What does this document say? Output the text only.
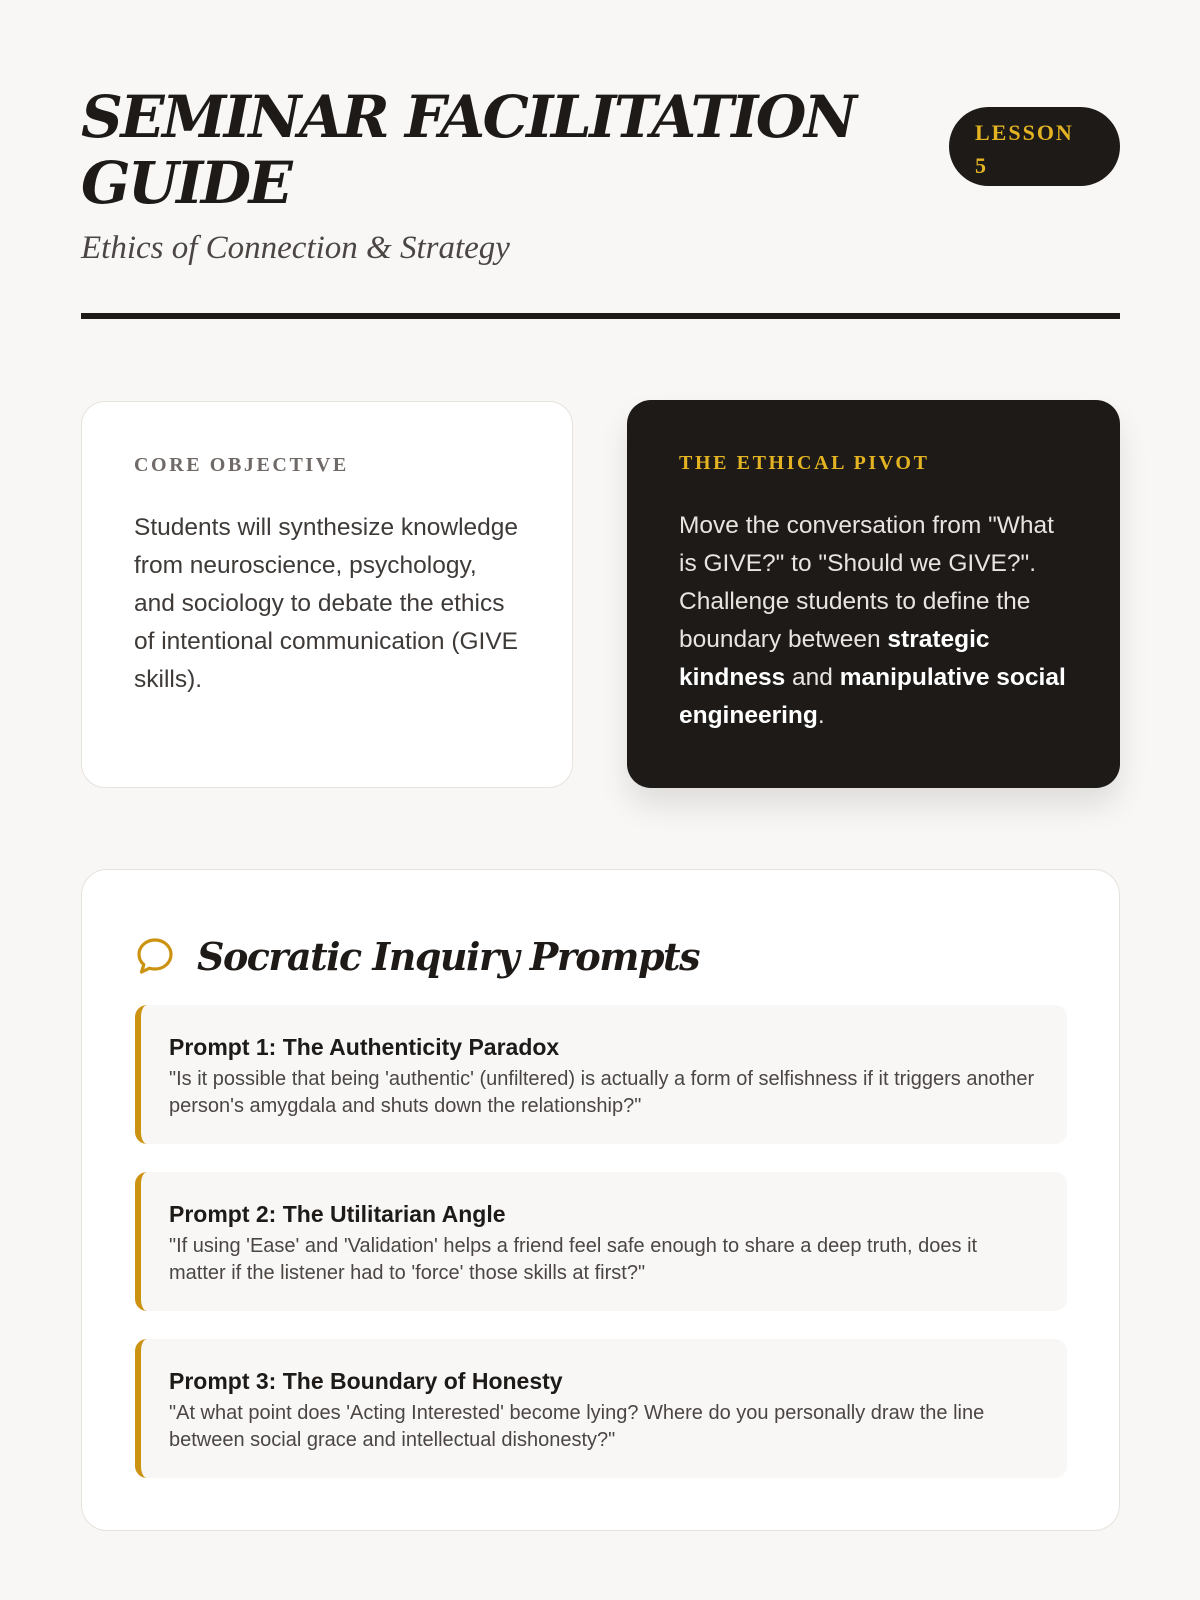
SEMINAR FACILITATION GUIDE

Ethics of Connection & Strategy

LESSON 5

CORE OBJECTIVE

Students will synthesize knowledge from neuroscience, psychology, and sociology to debate the ethics of intentional communication (GIVE skills).

THE ETHICAL PIVOT

Move the conversation from "What is GIVE?" to "Should we GIVE?". Challenge students to define the boundary between strategic kindness and manipulative social engineering.

Socratic Inquiry Prompts

Prompt 1: The Authenticity Paradox

"Is it possible that being 'authentic' (unfiltered) is actually a form of selfishness if it triggers another person's amygdala and shuts down the relationship?"

Prompt 2: The Utilitarian Angle

"If using 'Ease' and 'Validation' helps a friend feel safe enough to share a deep truth, does it matter if the listener had to 'force' those skills at first?"

Prompt 3: The Boundary of Honesty

"At what point does 'Acting Interested' become lying? Where do you personally draw the line between social grace and intellectual dishonesty?"
